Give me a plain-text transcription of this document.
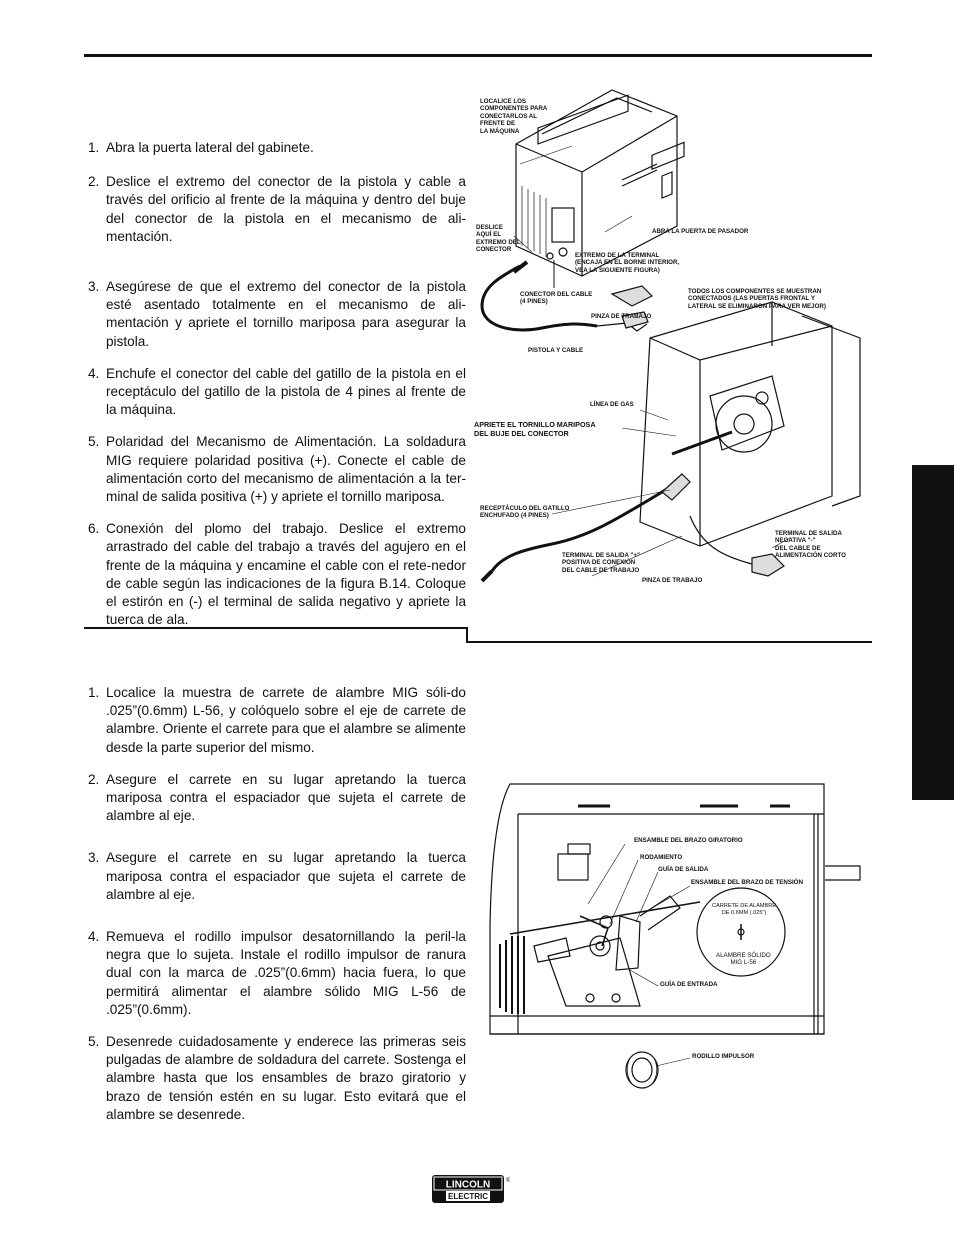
1. Abra la puerta lateral del gabinete.
2. Deslice el extremo del conector de la pistola y cable a través del orificio al frente de la máquina y dentro del buje del conector de la pistola en el mecanismo de ali-mentación.
3. Asegúrese de que el extremo del conector de la pistola esté asentado totalmente en el mecanismo de ali-mentación y apriete el tornillo mariposa para asegurar la pistola.
4. Enchufe el conector del cable del gatillo de la pistola en el receptáculo del gatillo de la pistola de 4 pines al frente de la máquina.
5. Polaridad del Mecanismo de Alimentación. La soldadura MIG requiere polaridad positiva (+). Conecte el cable de alimentación corto del mecanismo de alimentación a la ter-minal de salida positiva (+) y apriete el tornillo mariposa.
6. Conexión del plomo del trabajo. Deslice el extremo arrastrado del cable del trabajo a través del agujero en el frente de la máquina y encamine el cable con el rete-nedor de cable según las indicaciones de la figura B.14. Coloque el estirón en (-) el terminal de salida negativo y apriete la tuerca de ala.
1. Localice la muestra de carrete de alambre MIG sóli-do .025”(0.6mm) L-56, y colóquelo sobre el eje de carrete de alambre. Oriente el carrete para que el alambre se alimente desde la parte superior del mismo.
2. Asegure el carrete en su lugar apretando la tuerca mariposa contra el espaciador que sujeta el carrete de alambre al eje.
3. Asegure el carrete en su lugar apretando la tuerca mariposa contra el espaciador que sujeta el carrete de alambre al eje.
4. Remueva el rodillo impulsor desatornillando la peril-la negra que lo sujeta. Instale el rodillo impulsor de ranura dual con la marca de .025”(0.6mm) hacia fuera, lo que permitirá alimentar el alambre sólido MIG L-56 de .025”(0.6mm).
5. Desenrede cuidadosamente y enderece las primeras seis pulgadas de alambre de soldadura del carrete. Sostenga el alambre hasta que los ensambles de brazo giratorio y brazo de tensión estén en su lugar. Esto evitará que el alambre se desenrede.
LOCALICE LOS
COMPONENTES PARA
CONECTARLOS AL
FRENTE DE
LA MÁQUINA
DESLICE
AQUÍ EL
EXTREMO DEL
CONECTOR
ABRA LA PUERTA DE PASADOR
EXTREMO DE LA TERMINAL
(ENCAJA EN EL BORNE INTERIOR,
VEA LA SIGUIENTE FIGURA)
CONECTOR DEL CABLE
(4 PINES)
PINZA DE TRABAJO
TODOS LOS COMPONENTES SE MUESTRAN
CONECTADOS (LAS PUERTAS FRONTAL Y
LATERAL SE ELIMINARON PARA VER MEJOR)
PISTOLA Y CABLE
LÍNEA DE GAS
APRIETE EL TORNILLO MARIPOSA
DEL BUJE DEL CONECTOR
RECEPTÁCULO DEL GATILLO
ENCHUFADO (4 PINES)
TERMINAL DE SALIDA
NEGATIVA "-"
DEL CABLE DE
ALIMENTACIÓN CORTO
TERMINAL DE SALIDA "+"
POSITIVA DE CONEXIÓN
DEL CABLE DE TRABAJO
PINZA DE TRABAJO
ENSAMBLE DEL BRAZO GIRATORIO
RODAMIENTO
GUÍA DE SALIDA
ENSAMBLE DEL BRAZO DE TENSIÓN
CARRETE DE ALAMBRE
DE 0.6MM (.025")
ALAMBRE SÓLIDO
MIG L-56
GUÍA DE ENTRADA
RODILLO IMPULSOR
LINCOLN
ELECTRIC
®
